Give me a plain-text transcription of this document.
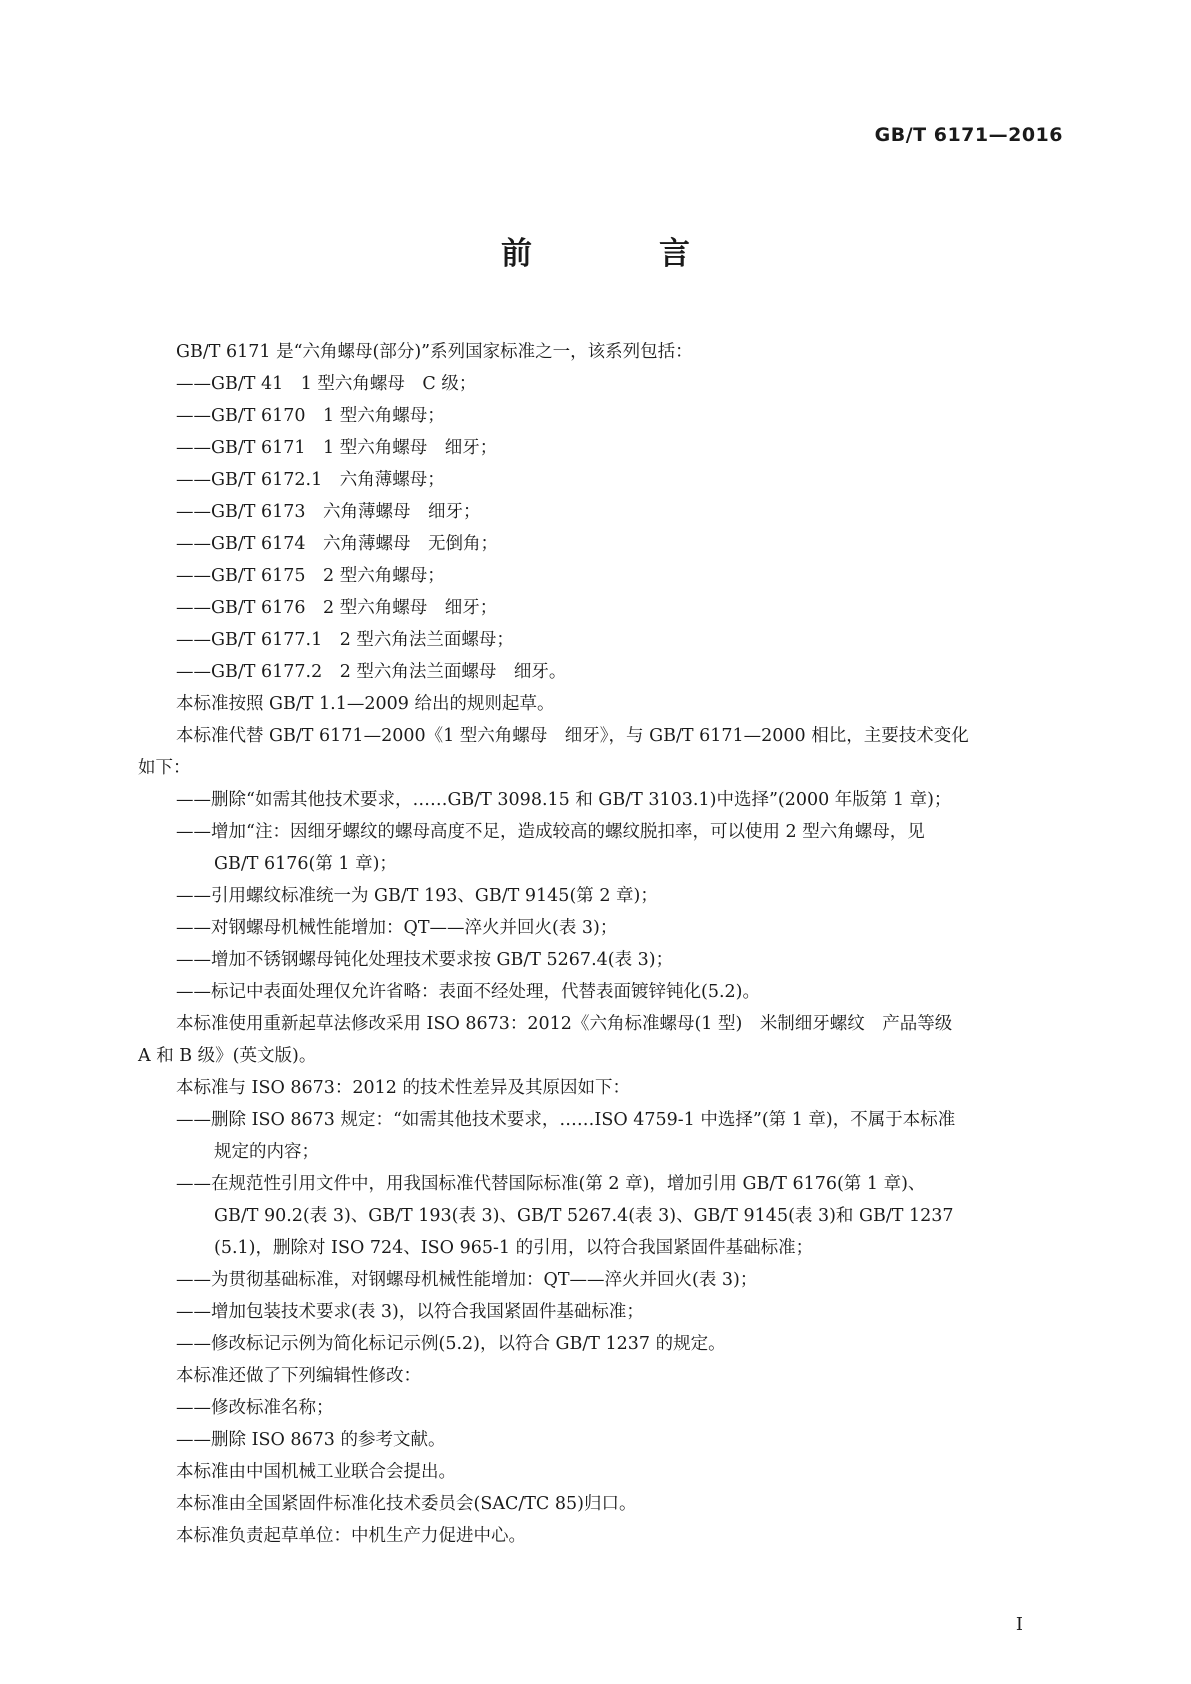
GB/T 6171—2016
前　言
GB/T 6171 是“六角螺母(部分)”系列国家标准之一，该系列包括：
——GB/T 41　1 型六角螺母　C 级；
——GB/T 6170　1 型六角螺母；
——GB/T 6171　1 型六角螺母　细牙；
——GB/T 6172.1　六角薄螺母；
——GB/T 6173　六角薄螺母　细牙；
——GB/T 6174　六角薄螺母　无倒角；
——GB/T 6175　2 型六角螺母；
——GB/T 6176　2 型六角螺母　细牙；
——GB/T 6177.1　2 型六角法兰面螺母；
——GB/T 6177.2　2 型六角法兰面螺母　细牙。
本标准按照 GB/T 1.1—2009 给出的规则起草。
本标准代替 GB/T 6171—2000《1 型六角螺母　细牙》，与 GB/T 6171—2000 相比，主要技术变化
如下：
——删除“如需其他技术要求，……GB/T 3098.15 和 GB/T 3103.1)中选择”(2000 年版第 1 章)；
——增加“注：因细牙螺纹的螺母高度不足，造成较高的螺纹脱扣率，可以使用 2 型六角螺母，见
GB/T 6176(第 1 章)；
——引用螺纹标准统一为 GB/T 193、GB/T 9145(第 2 章)；
——对钢螺母机械性能增加：QT——淬火并回火(表 3)；
——增加不锈钢螺母钝化处理技术要求按 GB/T 5267.4(表 3)；
——标记中表面处理仅允许省略：表面不经处理，代替表面镀锌钝化(5.2)。
本标准使用重新起草法修改采用 ISO 8673：2012《六角标准螺母(1 型)　米制细牙螺纹　产品等级
A 和 B 级》(英文版)。
本标准与 ISO 8673：2012 的技术性差异及其原因如下：
——删除 ISO 8673 规定：“如需其他技术要求，……ISO 4759-1 中选择”(第 1 章)，不属于本标准
规定的内容；
——在规范性引用文件中，用我国标准代替国际标准(第 2 章)，增加引用 GB/T 6176(第 1 章)、
GB/T 90.2(表 3)、GB/T 193(表 3)、GB/T 5267.4(表 3)、GB/T 9145(表 3)和 GB/T 1237
(5.1)，删除对 ISO 724、ISO 965-1 的引用，以符合我国紧固件基础标准；
——为贯彻基础标准，对钢螺母机械性能增加：QT——淬火并回火(表 3)；
——增加包装技术要求(表 3)，以符合我国紧固件基础标准；
——修改标记示例为简化标记示例(5.2)，以符合 GB/T 1237 的规定。
本标准还做了下列编辑性修改：
——修改标准名称；
——删除 ISO 8673 的参考文献。
本标准由中国机械工业联合会提出。
本标准由全国紧固件标准化技术委员会(SAC/TC 85)归口。
本标准负责起草单位：中机生产力促进中心。
I
